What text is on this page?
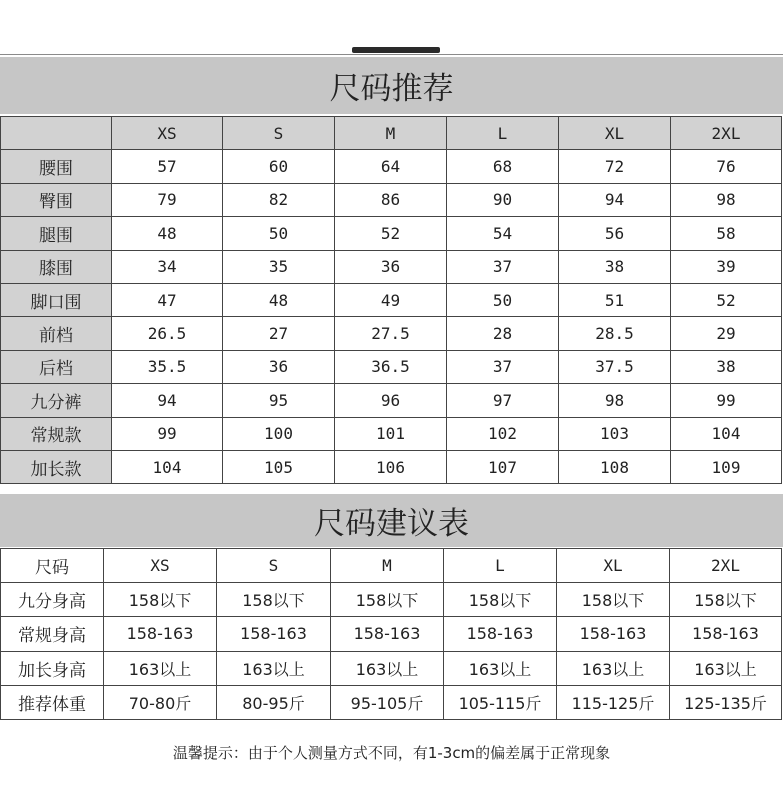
尺码推荐
	XS	S	M	L	XL	2XL
腰围	57	60	64	68	72	76
臀围	79	82	86	90	94	98
腿围	48	50	52	54	56	58
膝围	34	35	36	37	38	39
脚口围	47	48	49	50	51	52
前档	26.5	27	27.5	28	28.5	29
后档	35.5	36	36.5	37	37.5	38
九分裤	94	95	96	97	98	99
常规款	99	100	101	102	103	104
加长款	104	105	106	107	108	109
尺码建议表
尺码	XS	S	M	L	XL	2XL
九分身高	158以下	158以下	158以下	158以下	158以下	158以下
常规身高	158-163	158-163	158-163	158-163	158-163	158-163
加长身高	163以上	163以上	163以上	163以上	163以上	163以上
推荐体重	70-80斤	80-95斤	95-105斤	105-115斤	115-125斤	125-135斤
温馨提示：由于个人测量方式不同，有1-3cm的偏差属于正常现象
